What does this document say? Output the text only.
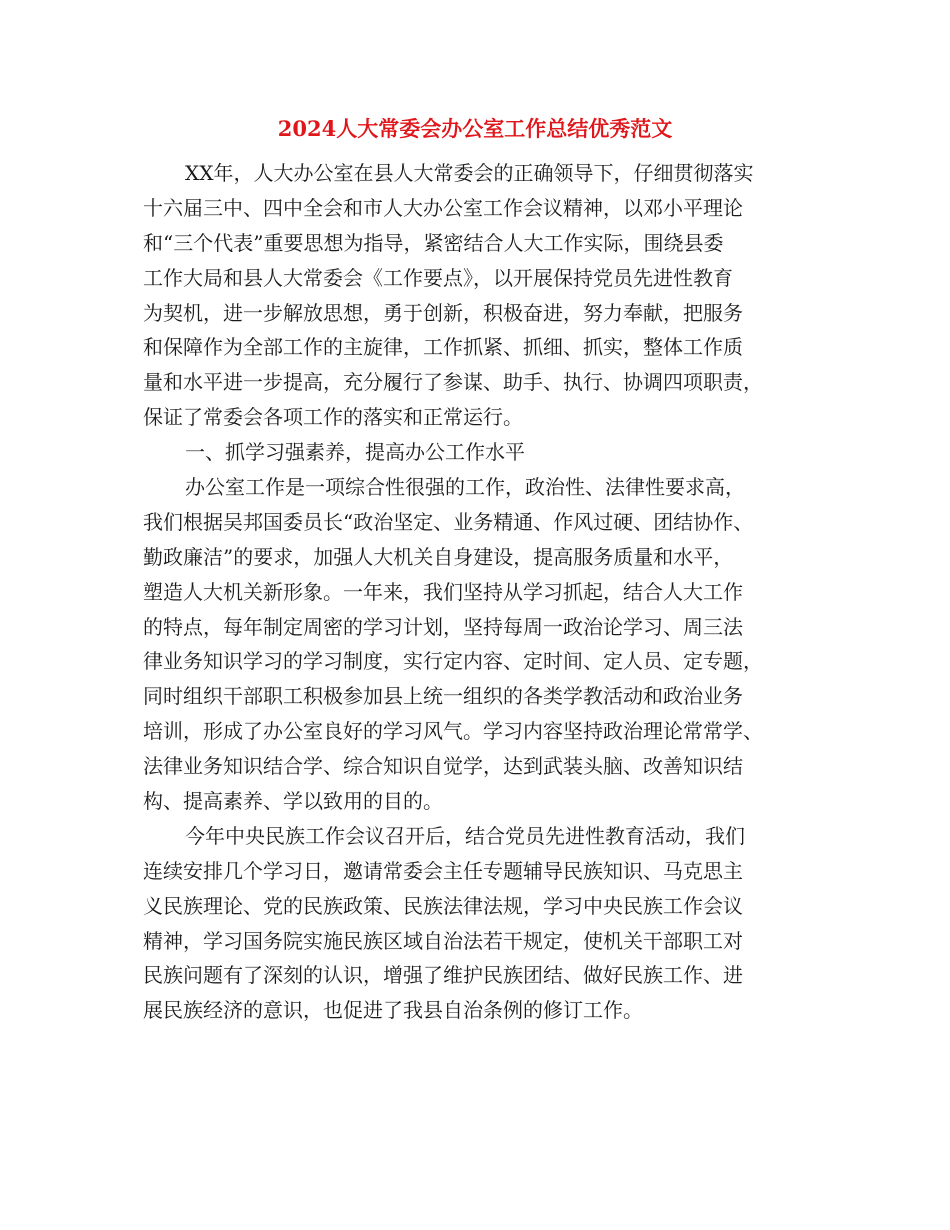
2024人大常委会办公室工作总结优秀范文
XX年，人大办公室在县人大常委会的正确领导下，仔细贯彻落实
十六届三中、四中全会和市人大办公室工作会议精神，以邓小平理论
和“三个代表”重要思想为指导，紧密结合人大工作实际，围绕县委
工作大局和县人大常委会《工作要点》，以开展保持党员先进性教育
为契机，进一步解放思想，勇于创新，积极奋进，努力奉献，把服务
和保障作为全部工作的主旋律，工作抓紧、抓细、抓实，整体工作质
量和水平进一步提高，充分履行了参谋、助手、执行、协调四项职责，
保证了常委会各项工作的落实和正常运行。
一、抓学习强素养，提高办公工作水平
办公室工作是一项综合性很强的工作，政治性、法律性要求高，
我们根据吴邦国委员长“政治坚定、业务精通、作风过硬、团结协作、
勤政廉洁”的要求，加强人大机关自身建设，提高服务质量和水平，
塑造人大机关新形象。一年来，我们坚持从学习抓起，结合人大工作
的特点，每年制定周密的学习计划，坚持每周一政治论学习、周三法
律业务知识学习的学习制度，实行定内容、定时间、定人员、定专题，
同时组织干部职工积极参加县上统一组织的各类学教活动和政治业务
培训，形成了办公室良好的学习风气。学习内容坚持政治理论常常学、
法律业务知识结合学、综合知识自觉学，达到武装头脑、改善知识结
构、提高素养、学以致用的目的。
今年中央民族工作会议召开后，结合党员先进性教育活动，我们
连续安排几个学习日，邀请常委会主任专题辅导民族知识、马克思主
义民族理论、党的民族政策、民族法律法规，学习中央民族工作会议
精神，学习国务院实施民族区域自治法若干规定，使机关干部职工对
民族问题有了深刻的认识，增强了维护民族团结、做好民族工作、进
展民族经济的意识，也促进了我县自治条例的修订工作。
